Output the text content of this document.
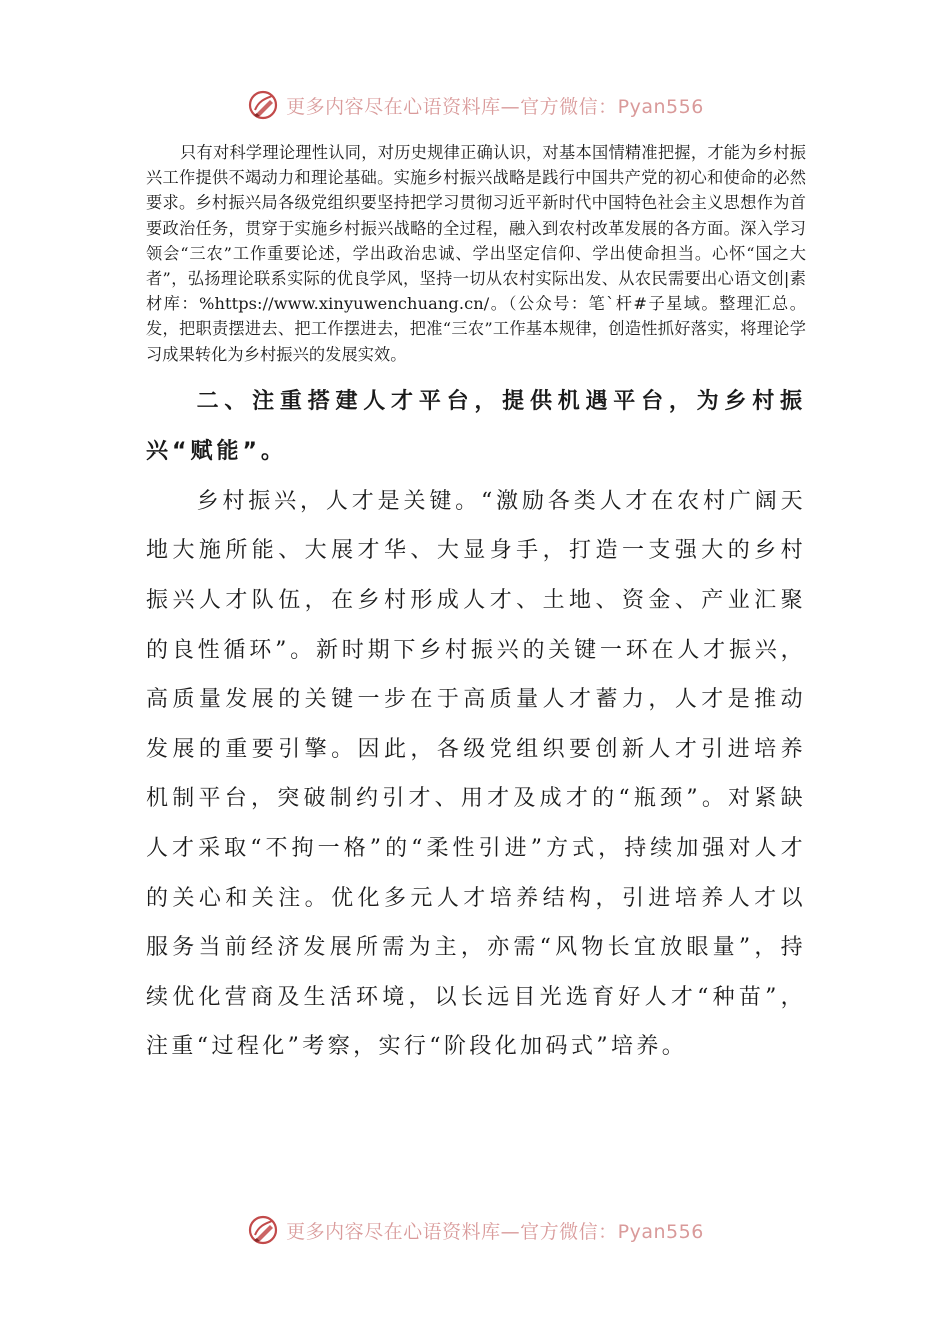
更多内容尽在心语资料库—官方微信：Pyan556

只有对科学理论理性认同，对历史规律正确认识，对基本国情精准把握，才能为乡村振兴工作提供不竭动力和理论基础。实施乡村振兴战略是践行中国共产党的初心和使命的必然要求。乡村振兴局各级党组织要坚持把学习贯彻习近平新时代中国特色社会主义思想作为首要政治任务，贯穿于实施乡村振兴战略的全过程，融入到农村改革发展的各方面。深入学习领会“三农”工作重要论述，学出政治忠诚、学出坚定信仰、学出使命担当。心怀“国之大者”，弘扬理论联系实际的优良学风，坚持一切从农村实际出发、从农民需要出心语文创|素材库：%https://www.xinyuwenchuang.cn/。（公众号：笔`杆#子星域。整理汇总。发，把职责摆进去、把工作摆进去，把准“三农”工作基本规律，创造性抓好落实，将理论学习成果转化为乡村振兴的发展实效。

二、注重搭建人才平台，提供机遇平台，为乡村振兴“赋能”。

乡村振兴，人才是关键。“激励各类人才在农村广阔天地大施所能、大展才华、大显身手，打造一支强大的乡村振兴人才队伍，在乡村形成人才、土地、资金、产业汇聚的良性循环”。新时期下乡村振兴的关键一环在人才振兴，高质量发展的关键一步在于高质量人才蓄力，人才是推动发展的重要引擎。因此，各级党组织要创新人才引进培养机制平台，突破制约引才、用才及成才的“瓶颈”。对紧缺人才采取“不拘一格”的“柔性引进”方式，持续加强对人才的关心和关注。优化多元人才培养结构，引进培养人才以服务当前经济发展所需为主，亦需“风物长宜放眼量”，持续优化营商及生活环境，以长远目光选育好人才“种苗”，注重“过程化”考察，实行“阶段化加码式”培养。

更多内容尽在心语资料库—官方微信：Pyan556
